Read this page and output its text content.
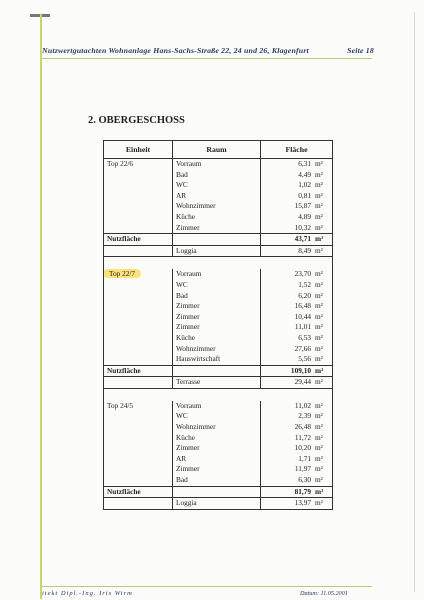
Nutzwertgutachten Wohnanlage Hans-Sachs-Straße 22, 24 und 26, Klagenfurt	Seite 18
2. OBERGESCHOSS
Einheit	Raum	Fläche
Top 22/6	Vorraum	6,31 m²
	Bad	4,49 m²
	WC	1,02 m²
	AR	0,81 m²
	Wohnzimmer	15,87 m²
	Küche	4,89 m²
	Zimmer	10,32 m²
Nutzfläche		43,71 m²
	Loggia	8,49 m²

Top 22/7	Vorraum	23,70 m²
	WC	1,52 m²
	Bad	6,20 m²
	Zimmer	16,48 m²
	Zimmer	10,44 m²
	Zimmer	11,01 m²
	Küche	6,53 m²
	Wohnzimmer	27,66 m²
	Hauswirtschaft	5,56 m²
Nutzfläche		109,10 m²
	Terrasse	29,44 m²

Top 24/5	Vorraum	11,02 m²
	WC	2,39 m²
	Wohnzimmer	26,48 m²
	Küche	11,72 m²
	Zimmer	10,20 m²
	AR	1,71 m²
	Zimmer	11,97 m²
	Bad	6,30 m²
Nutzfläche		81,79 m²
	Loggia	13,97 m²
itekt Dipl.-Ing. Iris Wirm	Datum: 11.05.2001
